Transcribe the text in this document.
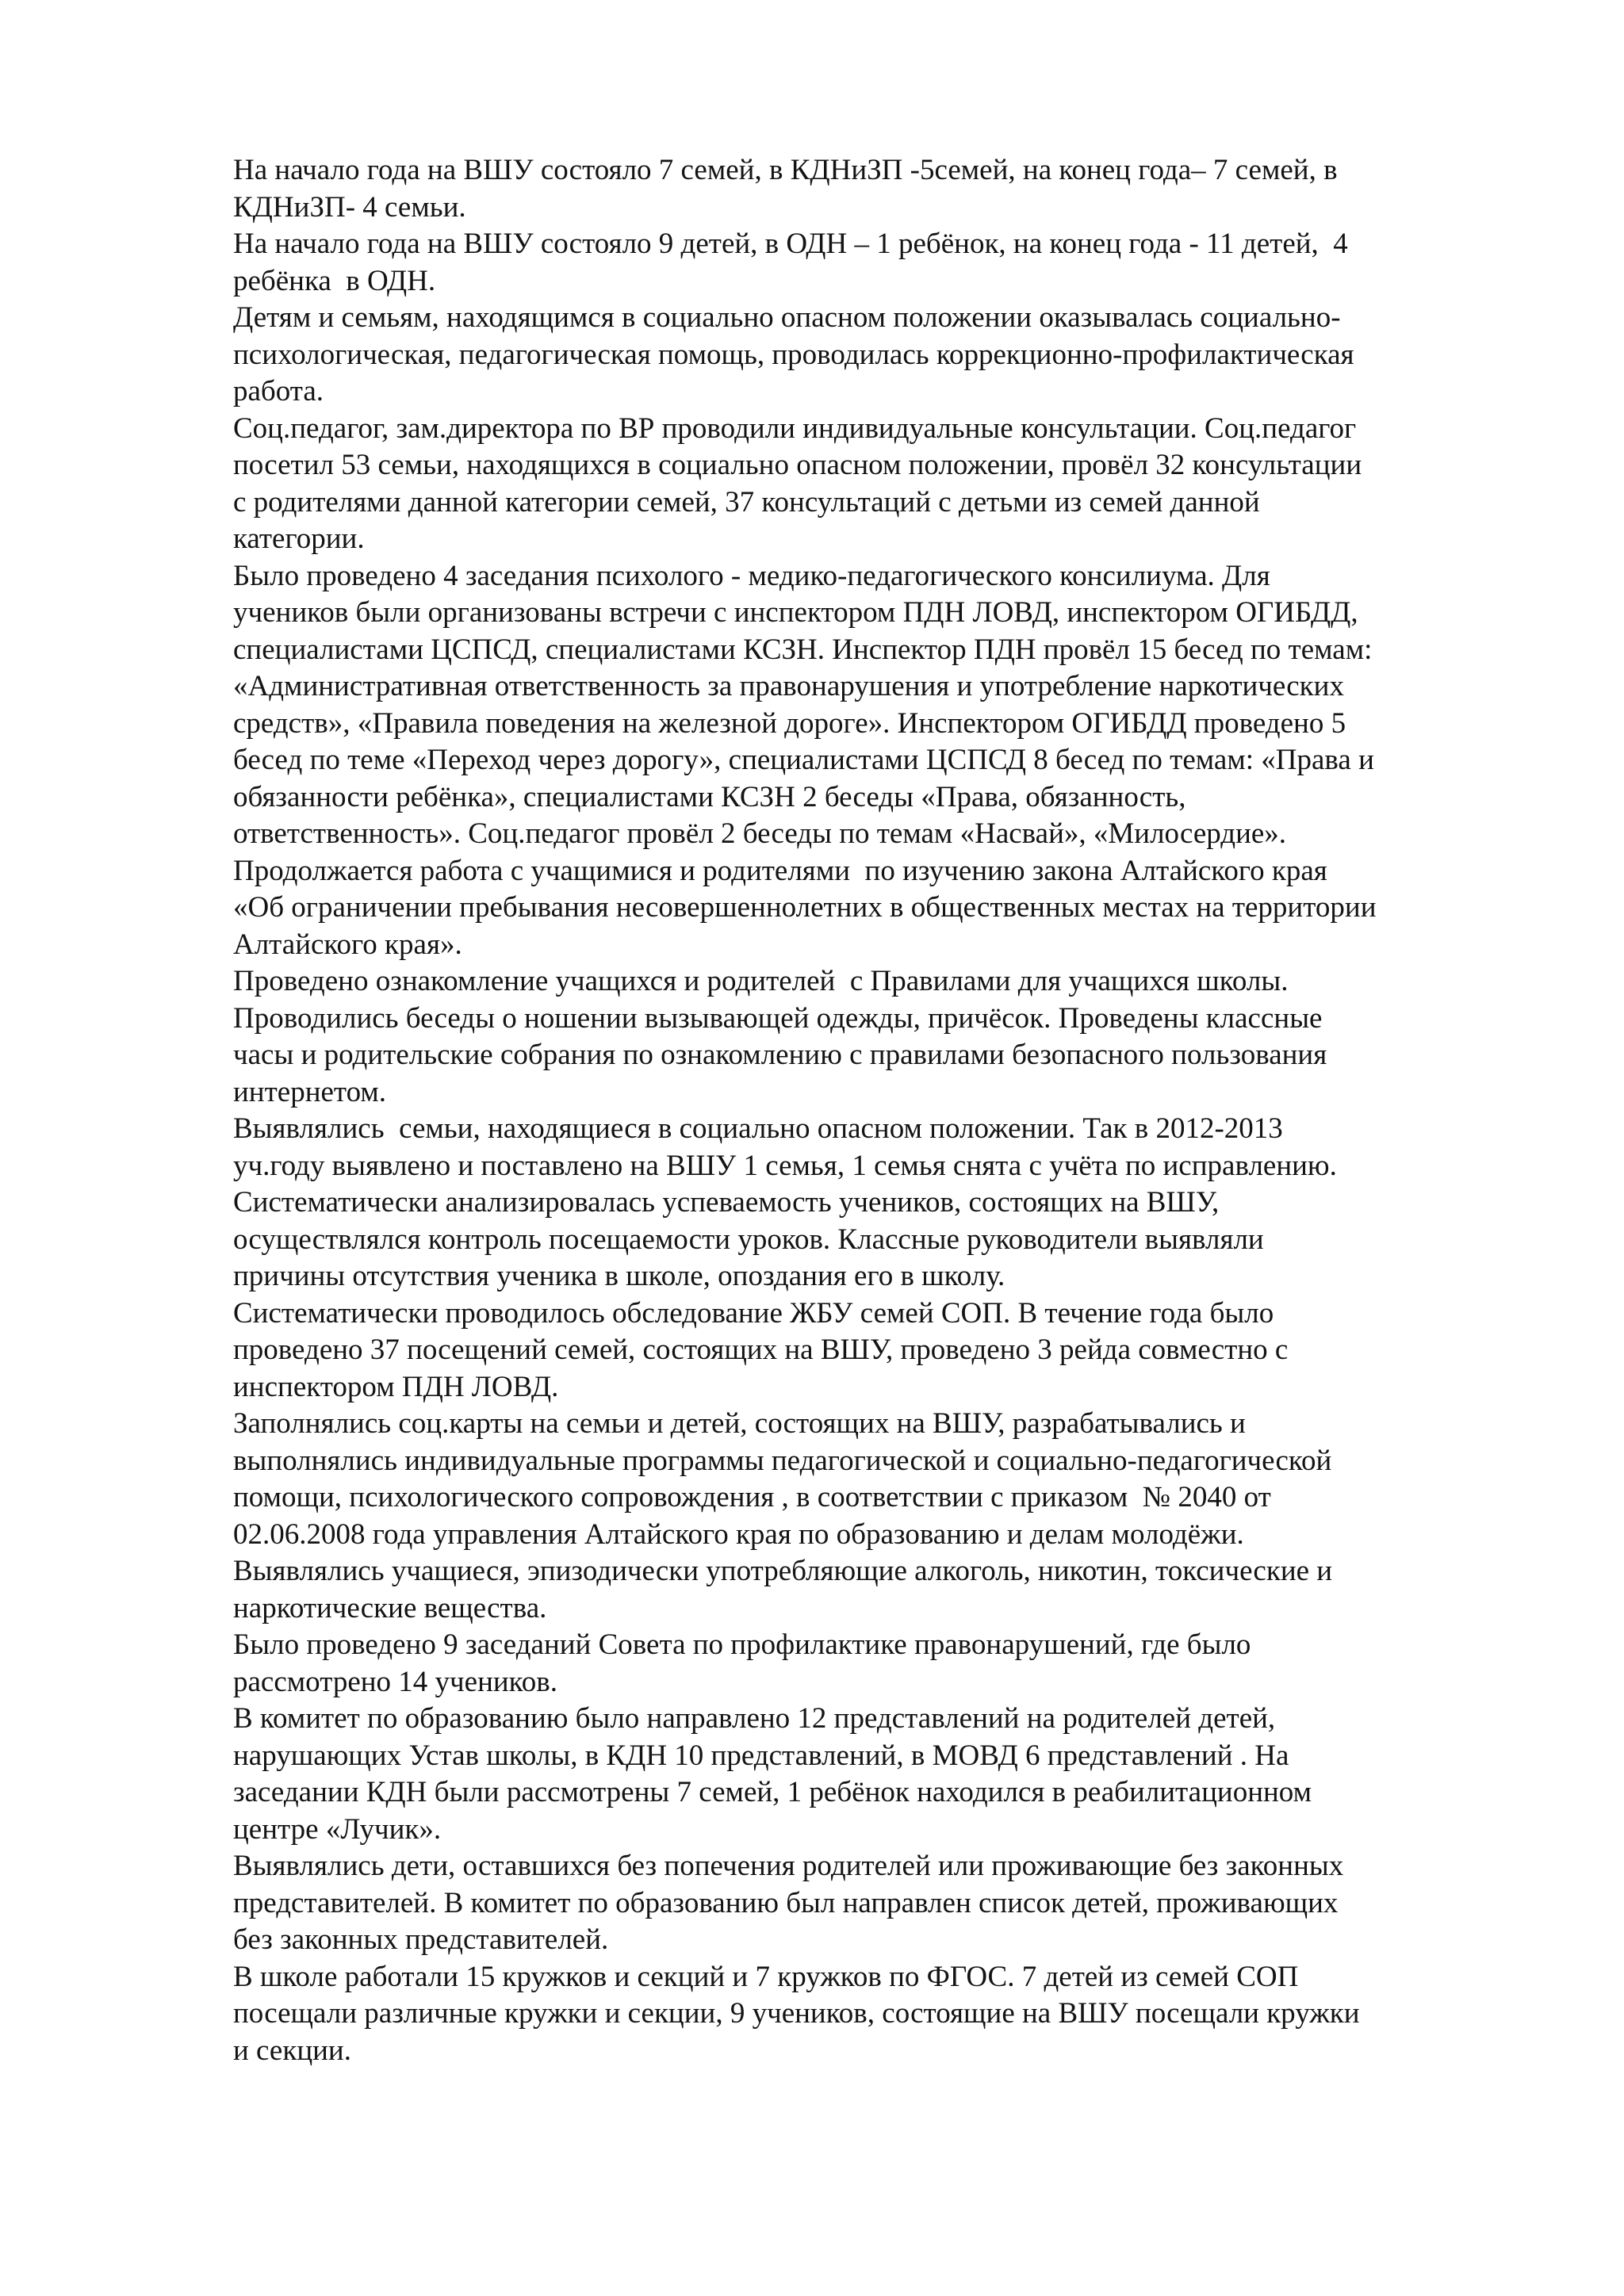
На начало года на ВШУ состояло 7 семей, в КДНиЗП -5семей, на конец года– 7 семей, в
КДНиЗП- 4 семьи.
На начало года на ВШУ состояло 9 детей, в ОДН – 1 ребёнок, на конец года - 11 детей,  4
ребёнка  в ОДН.
Детям и семьям, находящимся в социально опасном положении оказывалась социально-
психологическая, педагогическая помощь, проводилась коррекционно-профилактическая
работа.
Соц.педагог, зам.директора по ВР проводили индивидуальные консультации. Соц.педагог
посетил 53 семьи, находящихся в социально опасном положении, провёл 32 консультации
с родителями данной категории семей, 37 консультаций с детьми из семей данной
категории.
Было проведено 4 заседания психолого - медико-педагогического консилиума. Для
учеников были организованы встречи с инспектором ПДН ЛОВД, инспектором ОГИБДД,
специалистами ЦСПСД, специалистами КСЗН. Инспектор ПДН провёл 15 бесед по темам:
«Административная ответственность за правонарушения и употребление наркотических
средств», «Правила поведения на железной дороге». Инспектором ОГИБДД проведено 5
бесед по теме «Переход через дорогу», специалистами ЦСПСД 8 бесед по темам: «Права и
обязанности ребёнка», специалистами КСЗН 2 беседы «Права, обязанность,
ответственность». Соц.педагог провёл 2 беседы по темам «Насвай», «Милосердие».
Продолжается работа с учащимися и родителями  по изучению закона Алтайского края
«Об ограничении пребывания несовершеннолетних в общественных местах на территории
Алтайского края».
Проведено ознакомление учащихся и родителей  с Правилами для учащихся школы.
Проводились беседы о ношении вызывающей одежды, причёсок. Проведены классные
часы и родительские собрания по ознакомлению с правилами безопасного пользования
интернетом.
Выявлялись  семьи, находящиеся в социально опасном положении. Так в 2012-2013
уч.году выявлено и поставлено на ВШУ 1 семья, 1 семья снята с учёта по исправлению.
Систематически анализировалась успеваемость учеников, состоящих на ВШУ,
осуществлялся контроль посещаемости уроков. Классные руководители выявляли
причины отсутствия ученика в школе, опоздания его в школу.
Систематически проводилось обследование ЖБУ семей СОП. В течение года было
проведено 37 посещений семей, состоящих на ВШУ, проведено 3 рейда совместно с
инспектором ПДН ЛОВД.
Заполнялись соц.карты на семьи и детей, состоящих на ВШУ, разрабатывались и
выполнялись индивидуальные программы педагогической и социально-педагогической
помощи, психологического сопровождения , в соответствии с приказом  № 2040 от
02.06.2008 года управления Алтайского края по образованию и делам молодёжи.
Выявлялись учащиеся, эпизодически употребляющие алкоголь, никотин, токсические и
наркотические вещества.
Было проведено 9 заседаний Совета по профилактике правонарушений, где было
рассмотрено 14 учеников.
В комитет по образованию было направлено 12 представлений на родителей детей,
нарушающих Устав школы, в КДН 10 представлений, в МОВД 6 представлений . На
заседании КДН были рассмотрены 7 семей, 1 ребёнок находился в реабилитационном
центре «Лучик».
Выявлялись дети, оставшихся без попечения родителей или проживающие без законных
представителей. В комитет по образованию был направлен список детей, проживающих
без законных представителей.
В школе работали 15 кружков и секций и 7 кружков по ФГОС. 7 детей из семей СОП
посещали различные кружки и секции, 9 учеников, состоящие на ВШУ посещали кружки
и секции.
